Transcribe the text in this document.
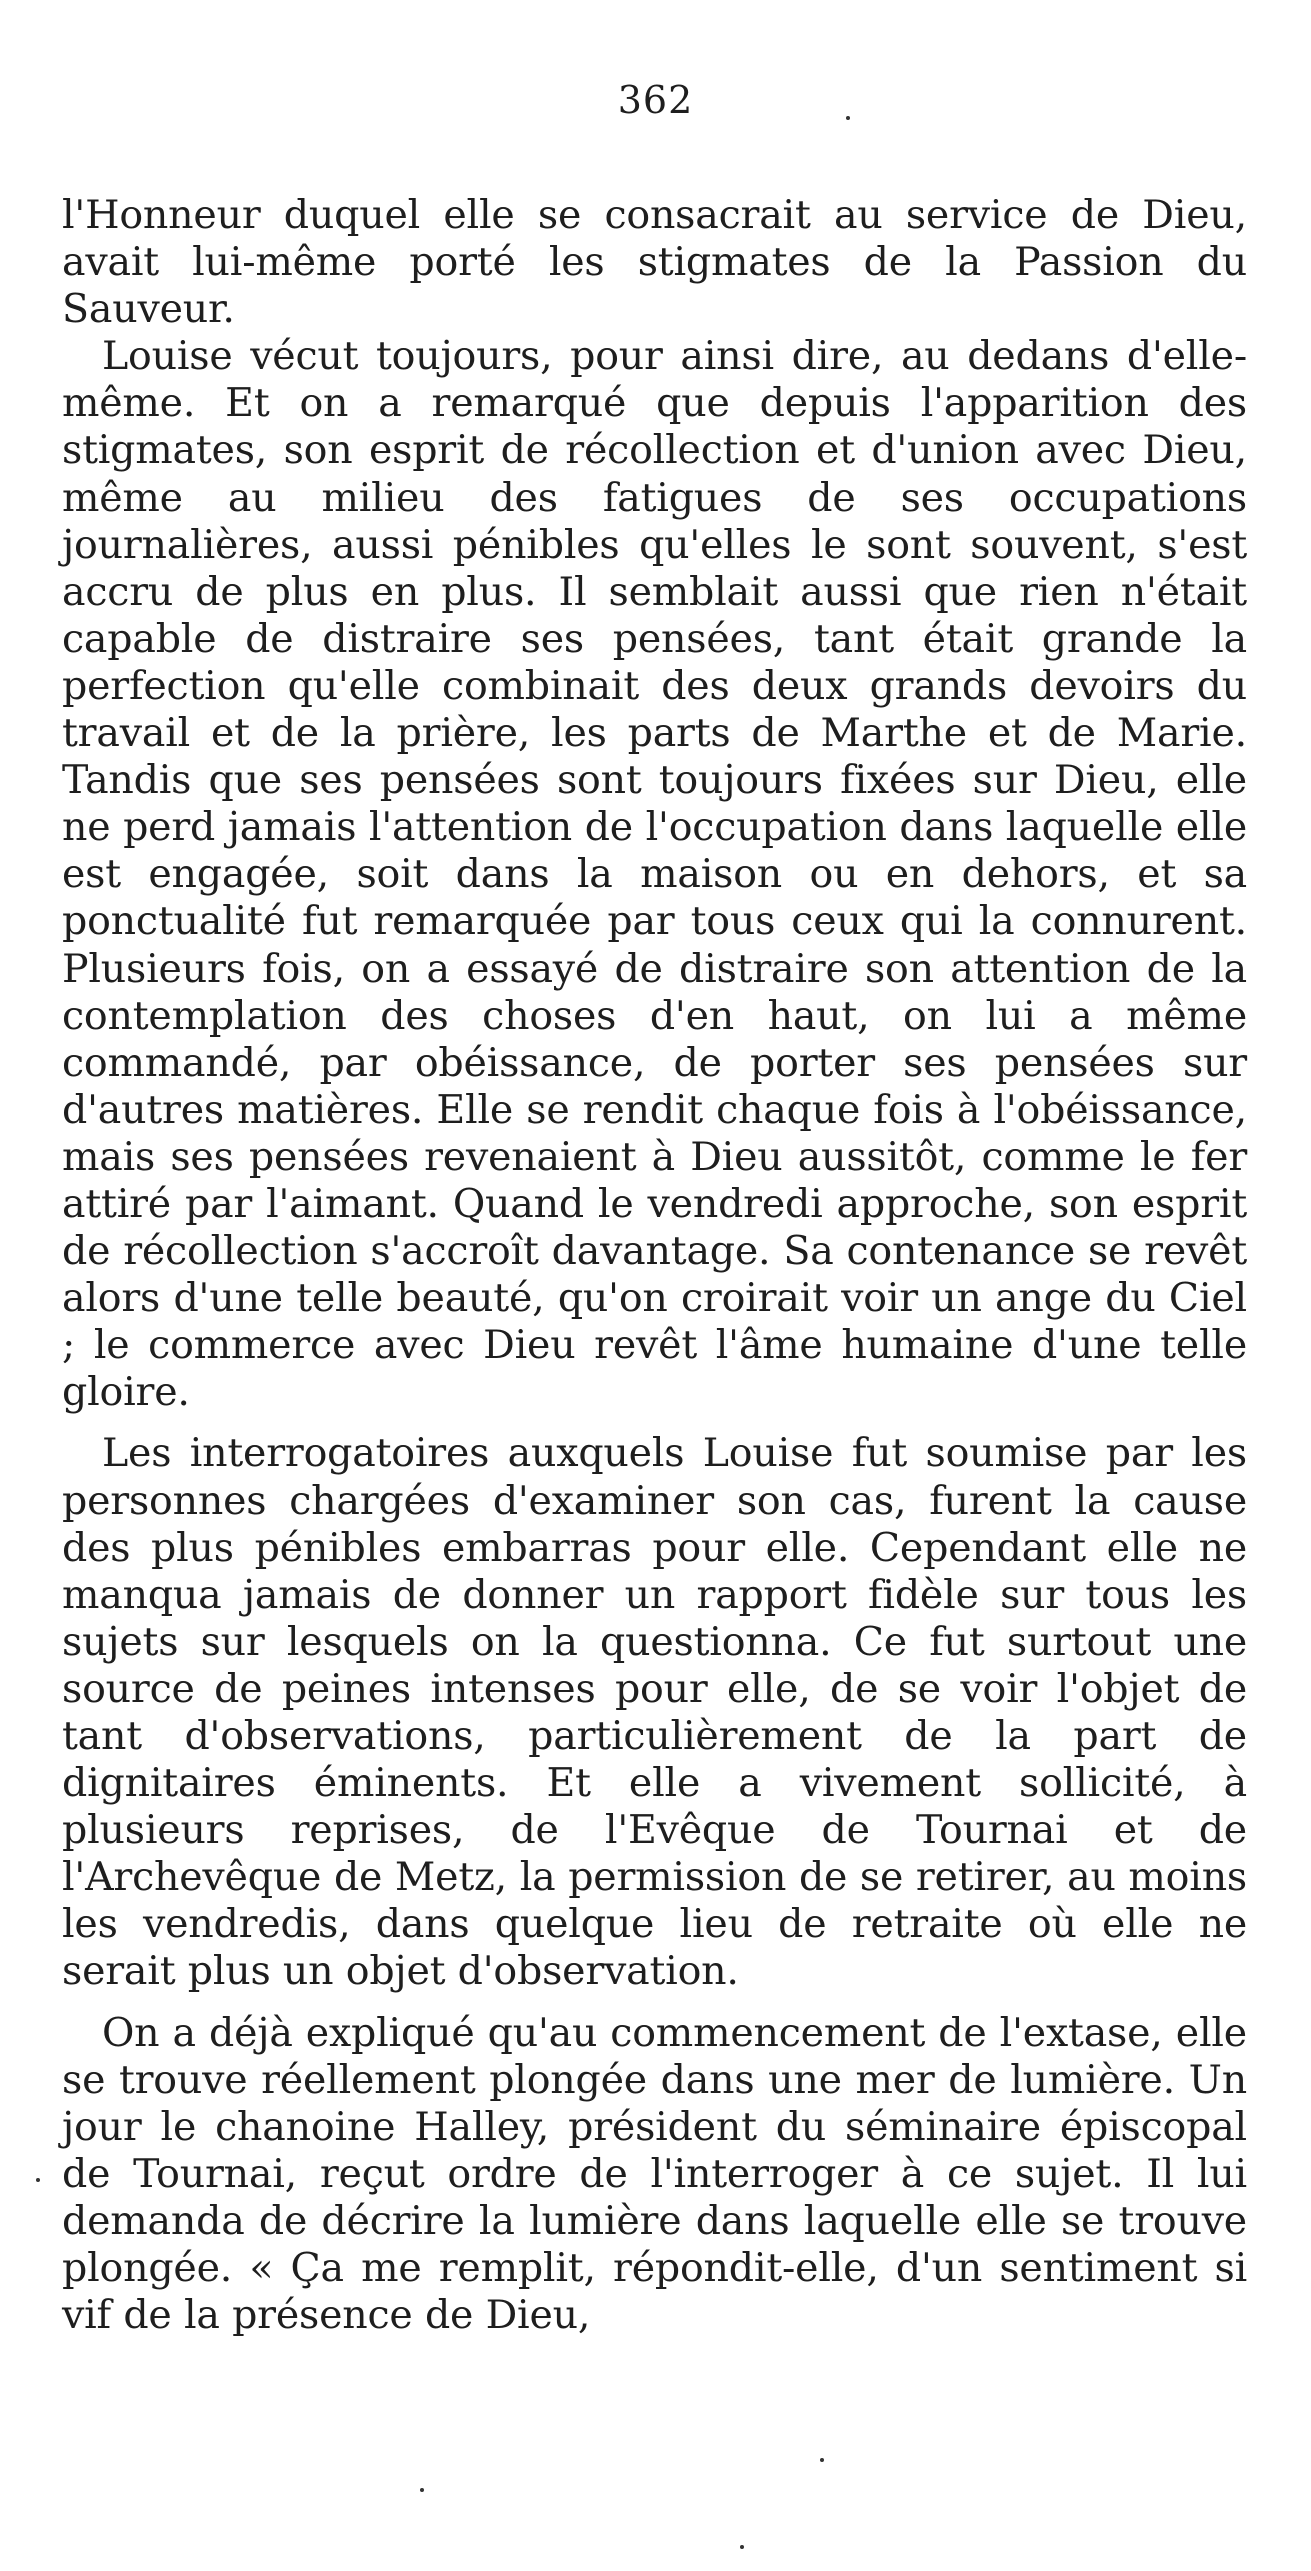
362

l'Honneur duquel elle se consacrait au service de Dieu, avait lui-même porté les stigmates de la Passion du Sauveur.

Louise vécut toujours, pour ainsi dire, au dedans d'elle-même. Et on a remarqué que depuis l'apparition des stigmates, son esprit de récollection et d'union avec Dieu, même au milieu des fatigues de ses occupations journalières, aussi pénibles qu'elles le sont souvent, s'est accru de plus en plus. Il semblait aussi que rien n'était capable de distraire ses pensées, tant était grande la perfection qu'elle combinait des deux grands devoirs du travail et de la prière, les parts de Marthe et de Marie. Tandis que ses pensées sont toujours fixées sur Dieu, elle ne perd jamais l'attention de l'occupation dans laquelle elle est engagée, soit dans la maison ou en dehors, et sa ponctualité fut remarquée par tous ceux qui la connurent. Plusieurs fois, on a essayé de distraire son attention de la contemplation des choses d'en haut, on lui a même commandé, par obéissance, de porter ses pensées sur d'autres matières. Elle se rendit chaque fois à l'obéissance, mais ses pensées revenaient à Dieu aussitôt, comme le fer attiré par l'aimant. Quand le vendredi approche, son esprit de récollection s'accroît davantage. Sa contenance se revêt alors d'une telle beauté, qu'on croirait voir un ange du Ciel ; le commerce avec Dieu revêt l'âme humaine d'une telle gloire.

Les interrogatoires auxquels Louise fut soumise par les personnes chargées d'examiner son cas, furent la cause des plus pénibles embarras pour elle. Cependant elle ne manqua jamais de donner un rapport fidèle sur tous les sujets sur lesquels on la questionna. Ce fut surtout une source de peines intenses pour elle, de se voir l'objet de tant d'observations, particulièrement de la part de dignitaires éminents. Et elle a vivement sollicité, à plusieurs reprises, de l'Evêque de Tournai et de l'Archevêque de Metz, la permission de se retirer, au moins les vendredis, dans quelque lieu de retraite où elle ne serait plus un objet d'observation.

On a déjà expliqué qu'au commencement de l'extase, elle se trouve réellement plongée dans une mer de lumière. Un jour le chanoine Halley, président du séminaire épiscopal de Tournai, reçut ordre de l'interroger à ce sujet. Il lui demanda de décrire la lumière dans laquelle elle se trouve plongée. « Ça me remplit, répondit-elle, d'un sentiment si vif de la présence de Dieu,
